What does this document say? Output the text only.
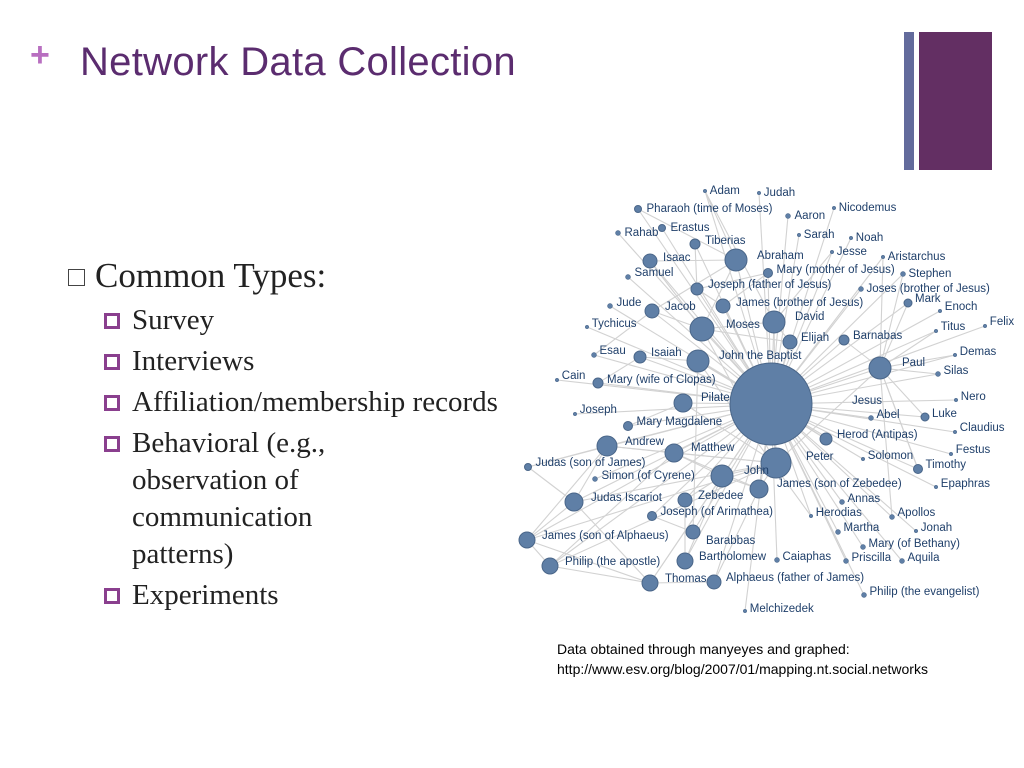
+ Network Data Collection
Common Types:
Survey
Interviews
Affiliation/membership records
Behavioral (e.g., observation of communication patterns)
Experiments
Adam Judah
Pharaoh (time of Moses)
Aaron
Nicodemus
Erastus
Rahab	Sarah Noah
Tiberias
Isaac	Abraham	Jesse Aristarchus
Mary (mother of Jesus) Stephen
Samuel
Joseph (father of Jesus)	Joses (brother of Jesus)
Jude Jacob	James (brother of Jesus)	Mark
Enoch
Tychicus	Moses
David
Titus Felix
Elijah Barnabas
Esau Isaiah	John the Baptist	Demas
Paul
Cain Mary (wife of Clopas)
Silas
Pilate	Jesus	Nero
Joseph	Abel	Luke
Mary Magdalene	Claudius
Andrew
Herod (Antipas)
Matthew	Festus
Judas (son of James)	Peter	Solomon
John	Timothy
Simon (of Cyrene)
James (son of Zebedee)	Epaphras
Judas Iscariot	Zebedee	Annas
Joseph (of Arimathea)	Herodias	Apollos
Martha	Jonah
James (son of Alphaeus)
Mary (of Bethany)
Barabbas
Philip (the apostle)	Bartholomew Caiaphas Priscilla Aquila
Thomas Alphaeus (father of James)
Philip (the evangelist)
Melchizedek
Data obtained through manyeyes and graphed:
http://www.esv.org/blog/2007/01/mapping.nt.social.networks
